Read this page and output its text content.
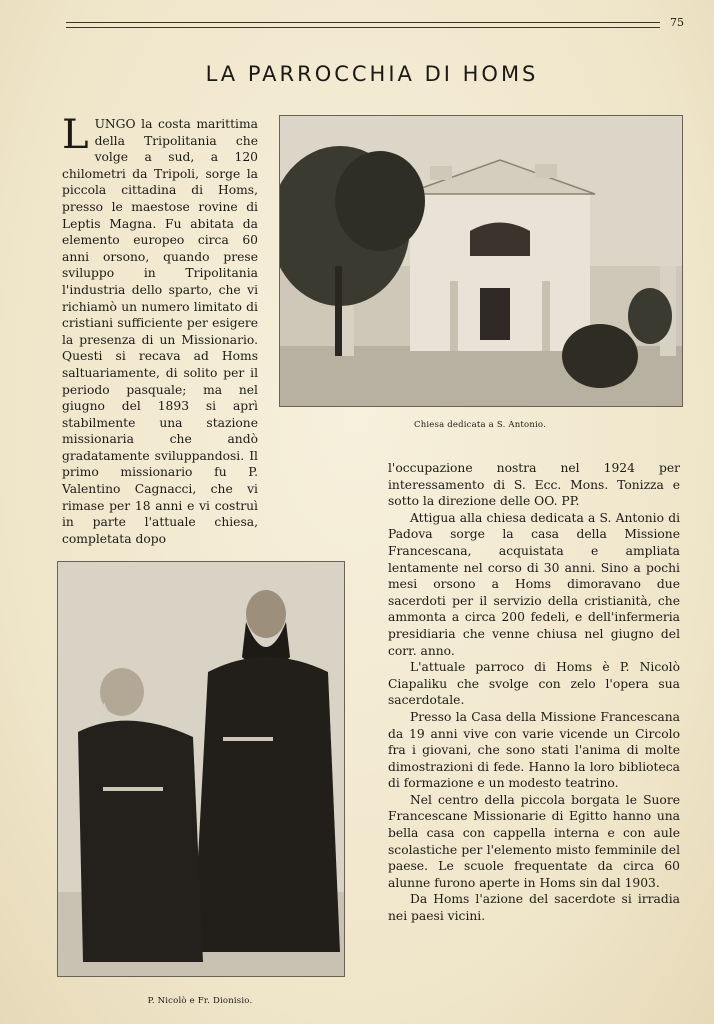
75
LA PARROCCHIA DI HOMS

LUNGO la costa marittima della Tripolitania che volge a sud, a 120 chilometri da Tripoli, sorge la piccola cittadina di Homs, presso le maestose rovine di Leptis Magna. Fu abitata da elemento europeo circa 60 anni orsono, quando prese sviluppo in Tripolitania l'industria dello sparto, che vi richiamò un numero limitato di cristiani sufficiente per esigere la presenza di un Missionario. Questi si recava ad Homs saltuariamente, di solito per il periodo pasquale; ma nel giugno del 1893 si aprì stabilmente una stazione missionaria che andò gradatamente sviluppandosi. Il primo missionario fu P. Valentino Cagnacci, che vi rimase per 18 anni e vi costruì in parte l'attuale chiesa, completata dopo

Chiesa dedicata a S. Antonio.
P. Nicolò e Fr. Dionisio.

l'occupazione nostra nel 1924 per interessamento di S. Ecc. Mons. Tonizza e sotto la direzione delle OO. PP.

Attigua alla chiesa dedicata a S. Antonio di Padova sorge la casa della Missione Francescana, acquistata e ampliata lentamente nel corso di 30 anni. Sino a pochi mesi orsono a Homs dimoravano due sacerdoti per il servizio della cristianità, che ammonta a circa 200 fedeli, e dell'infermeria presidiaria che venne chiusa nel giugno del corr. anno.

L'attuale parroco di Homs è P. Nicolò Ciapaliku che svolge con zelo l'opera sua sacerdotale.

Presso la Casa della Missione Francescana da 19 anni vive con varie vicende un Circolo fra i giovani, che sono stati l'anima di molte dimostrazioni di fede. Hanno la loro biblioteca di formazione e un modesto teatrino.

Nel centro della piccola borgata le Suore Francescane Missionarie di Egitto hanno una bella casa con cappella interna e con aule scolastiche per l'elemento misto femminile del paese. Le scuole frequentate da circa 60 alunne furono aperte in Homs sin dal 1903.

Da Homs l'azione del sacerdote si irradia nei paesi vicini.
